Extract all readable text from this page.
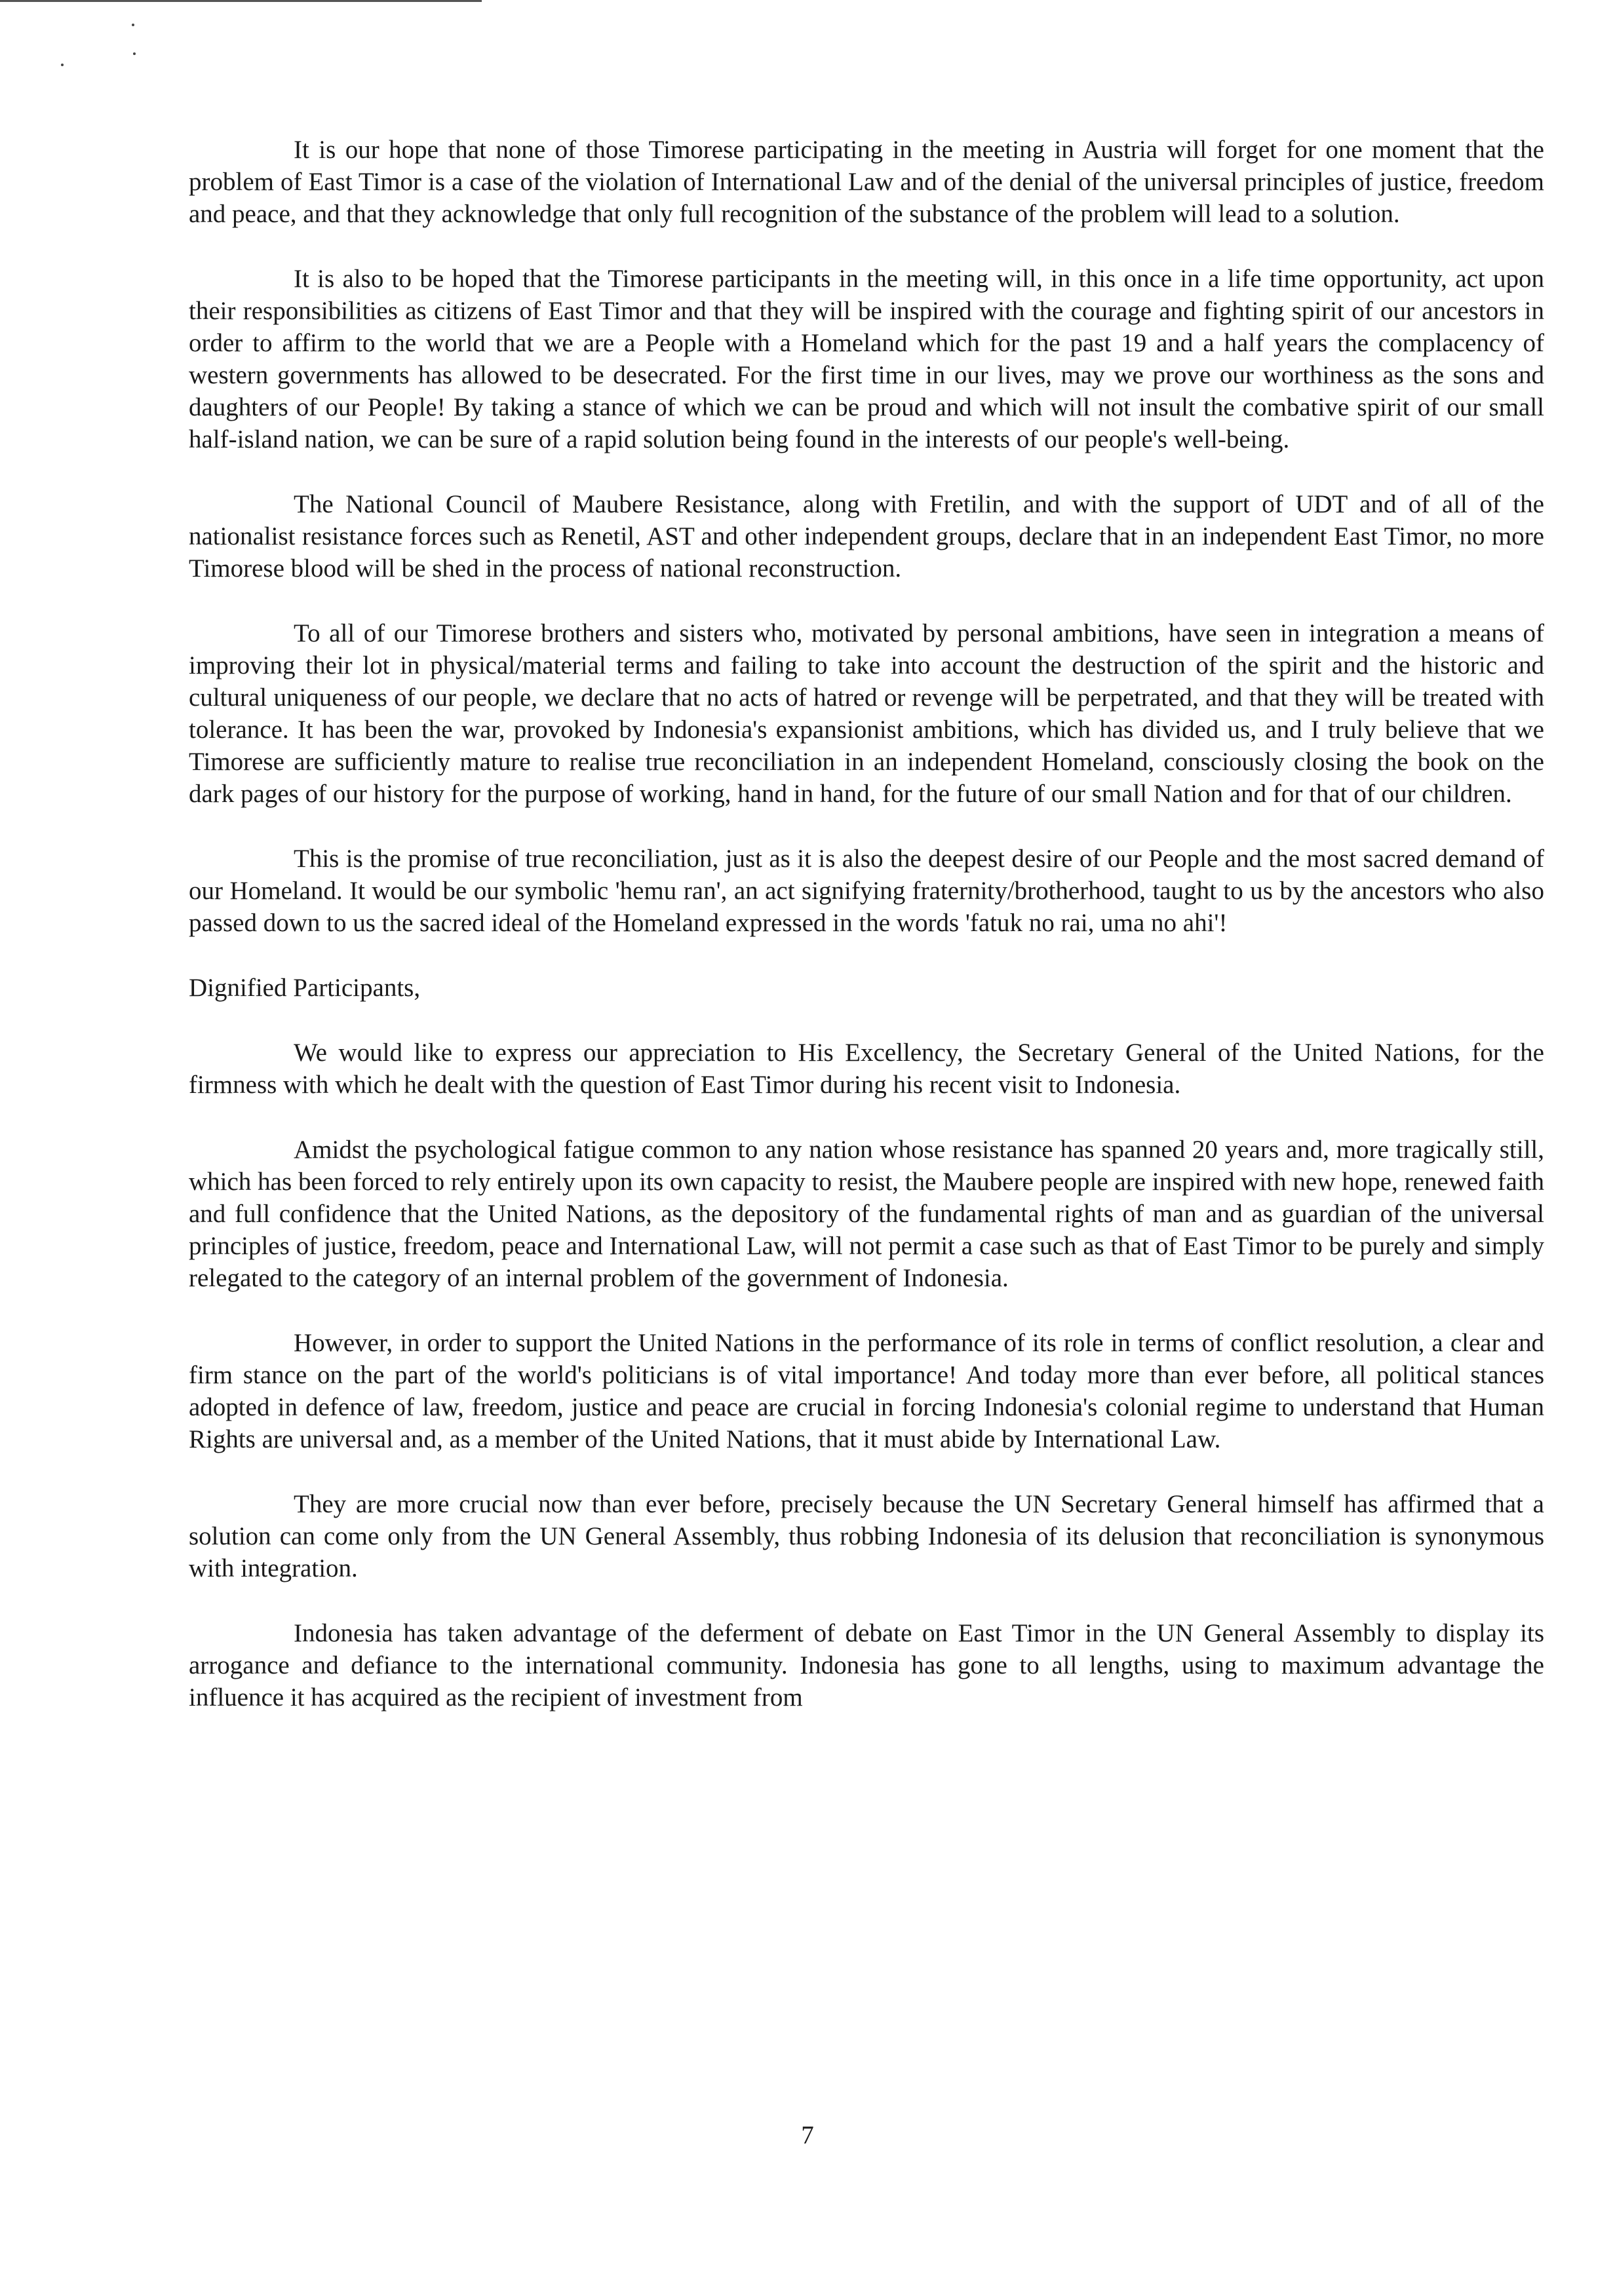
It is our hope that none of those Timorese participating in the meeting in Austria will forget for one moment that the problem of East Timor is a case of the violation of International Law and of the denial of the universal principles of justice, freedom and peace, and that they acknowledge that only full recognition of the substance of the problem will lead to a solution.

It is also to be hoped that the Timorese participants in the meeting will, in this once in a life time opportunity, act upon their responsibilities as citizens of East Timor and that they will be inspired with the courage and fighting spirit of our ancestors in order to affirm to the world that we are a People with a Homeland which for the past 19 and a half years the complacency of western governments has allowed to be desecrated. For the first time in our lives, may we prove our worthiness as the sons and daughters of our People! By taking a stance of which we can be proud and which will not insult the combative spirit of our small half-island nation, we can be sure of a rapid solution being found in the interests of our people's well-being.

The National Council of Maubere Resistance, along with Fretilin, and with the support of UDT and of all of the nationalist resistance forces such as Renetil, AST and other independent groups, declare that in an independent East Timor, no more Timorese blood will be shed in the process of national reconstruction.

To all of our Timorese brothers and sisters who, motivated by personal ambitions, have seen in integration a means of improving their lot in physical/material terms and failing to take into account the destruction of the spirit and the historic and cultural uniqueness of our people, we declare that no acts of hatred or revenge will be perpetrated, and that they will be treated with tolerance. It has been the war, provoked by Indonesia's expansionist ambitions, which has divided us, and I truly believe that we Timorese are sufficiently mature to realise true reconciliation in an independent Homeland, consciously closing the book on the dark pages of our history for the purpose of working, hand in hand, for the future of our small Nation and for that of our children.

This is the promise of true reconciliation, just as it is also the deepest desire of our People and the most sacred demand of our Homeland. It would be our symbolic 'hemu ran', an act signifying fraternity/brotherhood, taught to us by the ancestors who also passed down to us the sacred ideal of the Homeland expressed in the words 'fatuk no rai, uma no ahi'!

Dignified Participants,

We would like to express our appreciation to His Excellency, the Secretary General of the United Nations, for the firmness with which he dealt with the question of East Timor during his recent visit to Indonesia.

Amidst the psychological fatigue common to any nation whose resistance has spanned 20 years and, more tragically still, which has been forced to rely entirely upon its own capacity to resist, the Maubere people are inspired with new hope, renewed faith and full confidence that the United Nations, as the depository of the fundamental rights of man and as guardian of the universal principles of justice, freedom, peace and International Law, will not permit a case such as that of East Timor to be purely and simply relegated to the category of an internal problem of the government of Indonesia.

However, in order to support the United Nations in the performance of its role in terms of conflict resolution, a clear and firm stance on the part of the world's politicians is of vital importance! And today more than ever before, all political stances adopted in defence of law, freedom, justice and peace are crucial in forcing Indonesia's colonial regime to understand that Human Rights are universal and, as a member of the United Nations, that it must abide by International Law.

They are more crucial now than ever before, precisely because the UN Secretary General himself has affirmed that a solution can come only from the UN General Assembly, thus robbing Indonesia of its delusion that reconciliation is synonymous with integration.

Indonesia has taken advantage of the deferment of debate on East Timor in the UN General Assembly to display its arrogance and defiance to the international community. Indonesia has gone to all lengths, using to maximum advantage the influence it has acquired as the recipient of investment from

7
